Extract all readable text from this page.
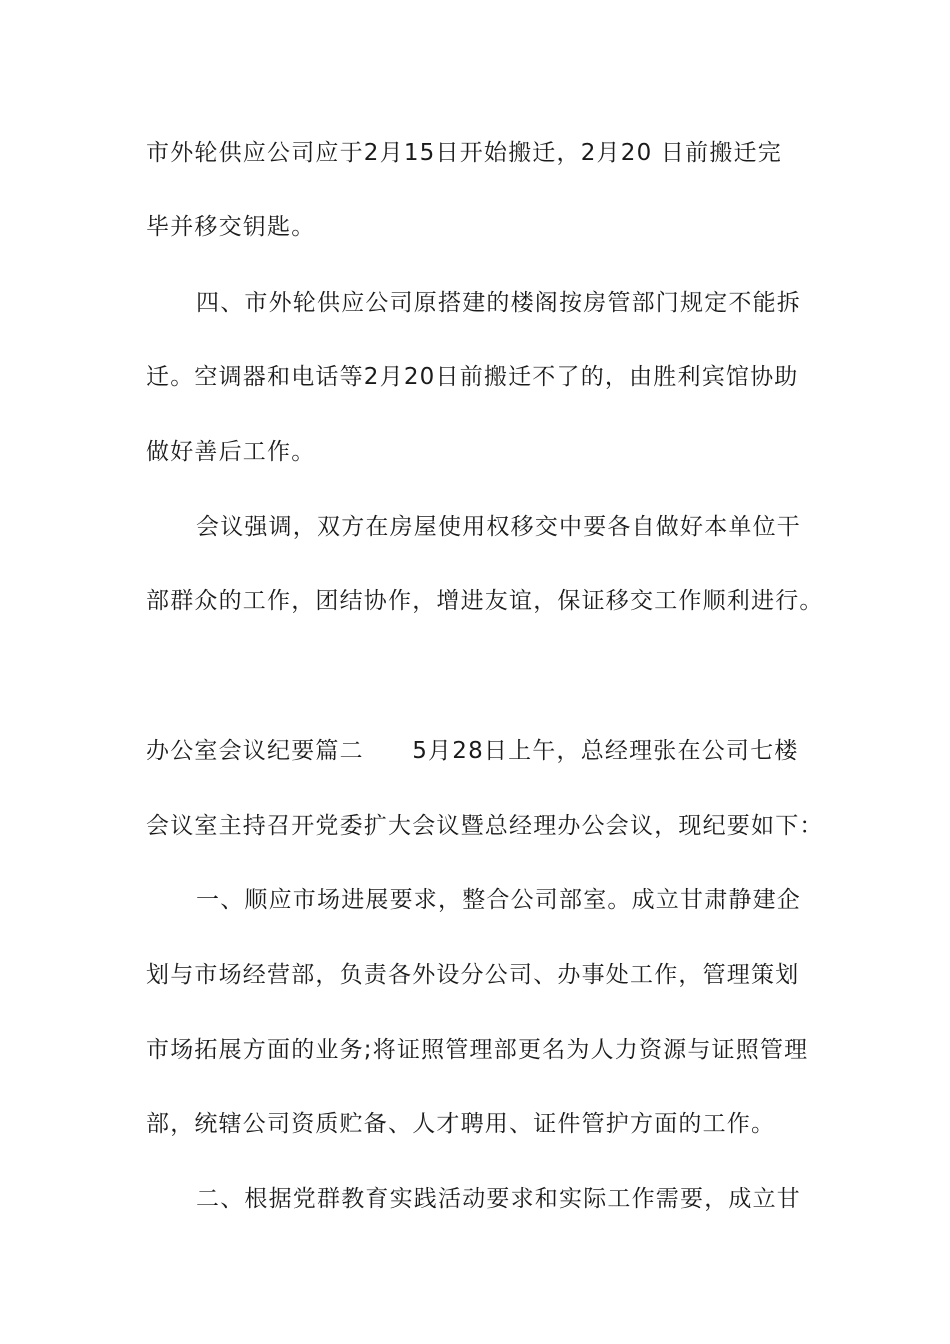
市外轮供应公司应于2月15日开始搬迁，2月20 日前搬迁完
毕并移交钥匙。
四、市外轮供应公司原搭建的楼阁按房管部门规定不能拆
迁。空调器和电话等2月20日前搬迁不了的，由胜利宾馆协助
做好善后工作。
会议强调，双方在房屋使用权移交中要各自做好本单位干
部群众的工作，团结协作，增进友谊，保证移交工作顺利进行。
办公室会议纪要篇二　　5月28日上午，总经理张在公司七楼
会议室主持召开党委扩大会议暨总经理办公会议，现纪要如下：
一、顺应市场进展要求，整合公司部室。成立甘肃静建企
划与市场经营部，负责各外设分公司、办事处工作，管理策划
市场拓展方面的业务;将证照管理部更名为人力资源与证照管理
部，统辖公司资质贮备、人才聘用、证件管护方面的工作。
二、根据党群教育实践活动要求和实际工作需要，成立甘
